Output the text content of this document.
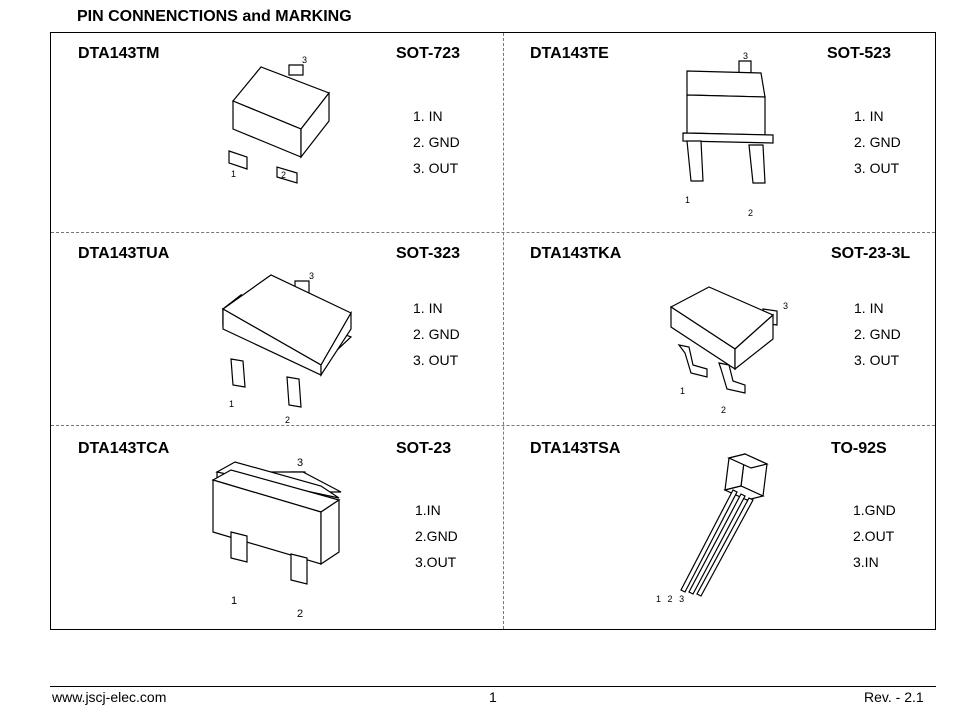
PIN CONNENCTIONS and MARKING
DTA143TM	SOT-723
3
1	2
1. IN
2. GND
3. OUT
DTA143TE	SOT-523
3
1
2
1. IN
2. GND
3. OUT
DTA143TUA	SOT-323
3
1
2
1. IN
2. GND
3. OUT
DTA143TKA	SOT-23-3L
3
1
2
1. IN
2. GND
3. OUT
DTA143TCA	SOT-23
3
1
2
1.IN
2.GND
3.OUT
DTA143TSA	TO-92S
1 2 3
1.GND
2.OUT
3.IN
www.jscj-elec.com	1	Rev. - 2.1
